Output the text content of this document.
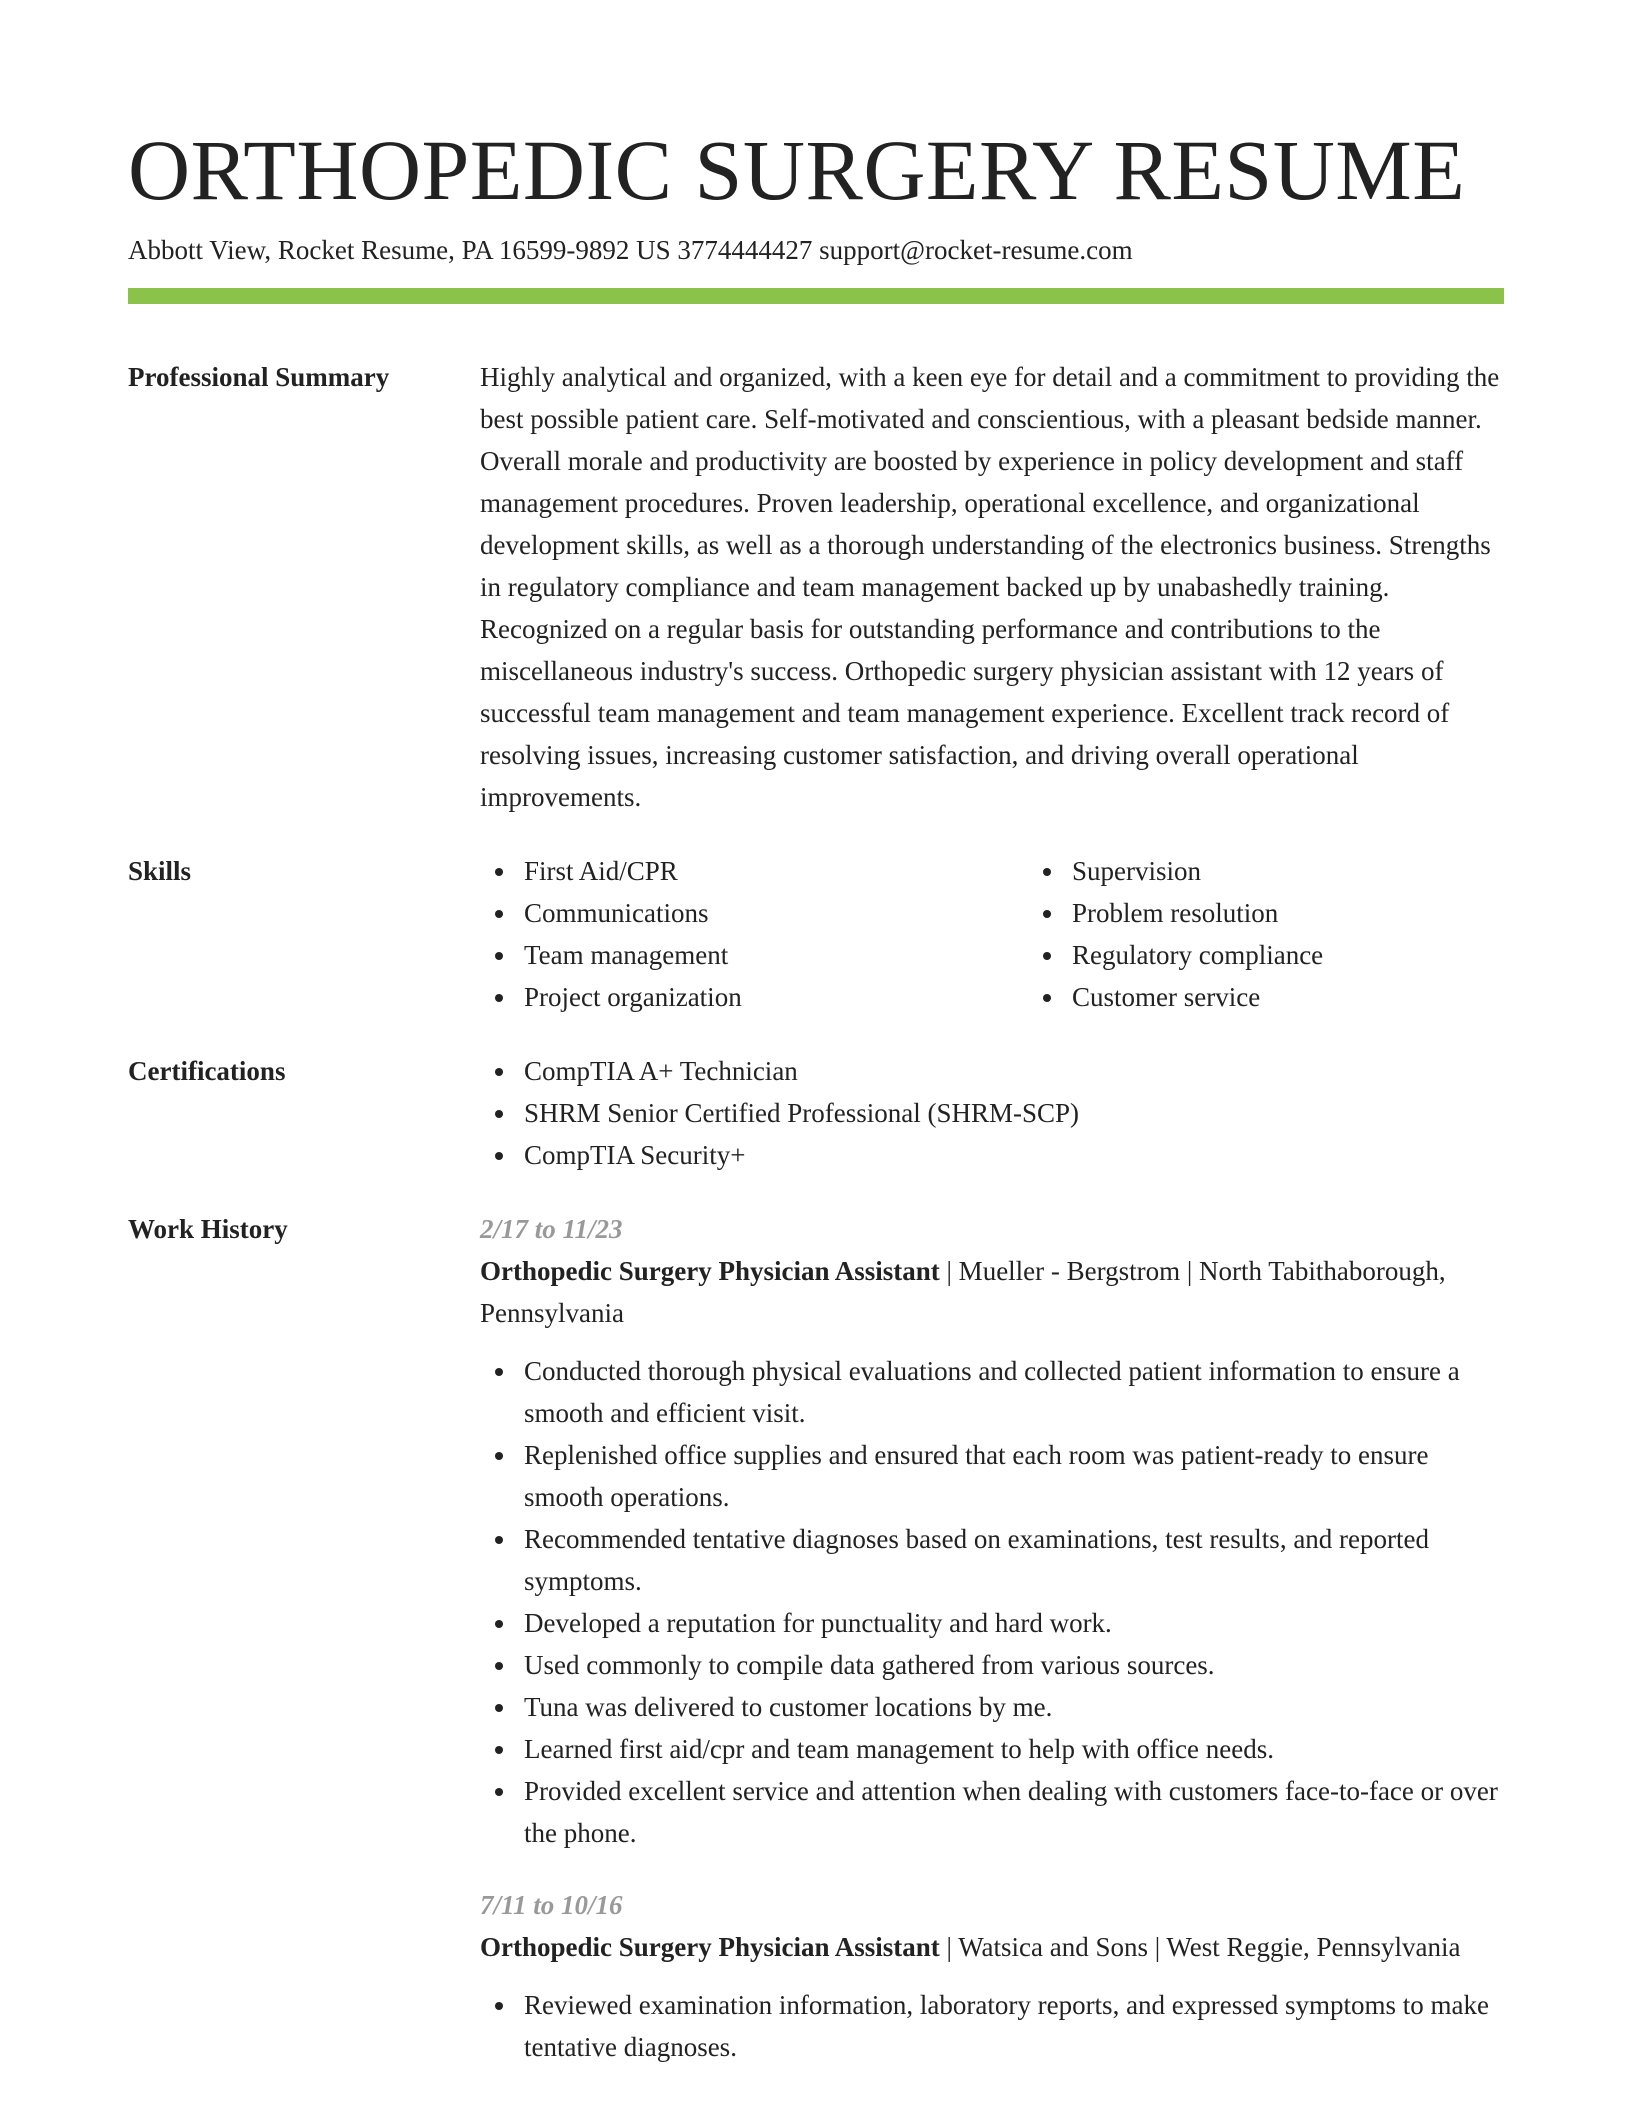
ORTHOPEDIC SURGERY RESUME
Abbott View, Rocket Resume, PA 16599-9892 US 3774444427 support@rocket-resume.com
Professional Summary	Highly analytical and organized, with a keen eye for detail and a commitment to providing the best possible patient care. Self-motivated and conscientious, with a pleasant bedside manner. Overall morale and productivity are boosted by experience in policy development and staff management procedures. Proven leadership, operational excellence, and organizational development skills, as well as a thorough understanding of the electronics business. Strengths in regulatory compliance and team management backed up by unabashedly training. Recognized on a regular basis for outstanding performance and contributions to the miscellaneous industry's success. Orthopedic surgery physician assistant with 12 years of successful team management and team management experience. Excellent track record of resolving issues, increasing customer satisfaction, and driving overall operational improvements.

Skills	First Aid/CPR
Communications
Team management
Project organization
Supervision
Problem resolution
Regulatory compliance
Customer service
Certifications	CompTIA A+ Technician
SHRM Senior Certified Professional (SHRM-SCP)
CompTIA Security+
Work History	2/17 to 11/23
Orthopedic Surgery Physician Assistant | Mueller - Bergstrom | North Tabithaborough, Pennsylvania
Conducted thorough physical evaluations and collected patient information to ensure a smooth and efficient visit.
Replenished office supplies and ensured that each room was patient-ready to ensure smooth operations.
Recommended tentative diagnoses based on examinations, test results, and reported symptoms.
Developed a reputation for punctuality and hard work.
Used commonly to compile data gathered from various sources.
Tuna was delivered to customer locations by me.
Learned first aid/cpr and team management to help with office needs.
Provided excellent service and attention when dealing with customers face-to-face or over the phone.
7/11 to 10/16
Orthopedic Surgery Physician Assistant | Watsica and Sons | West Reggie, Pennsylvania
Reviewed examination information, laboratory reports, and expressed symptoms to make tentative diagnoses.
